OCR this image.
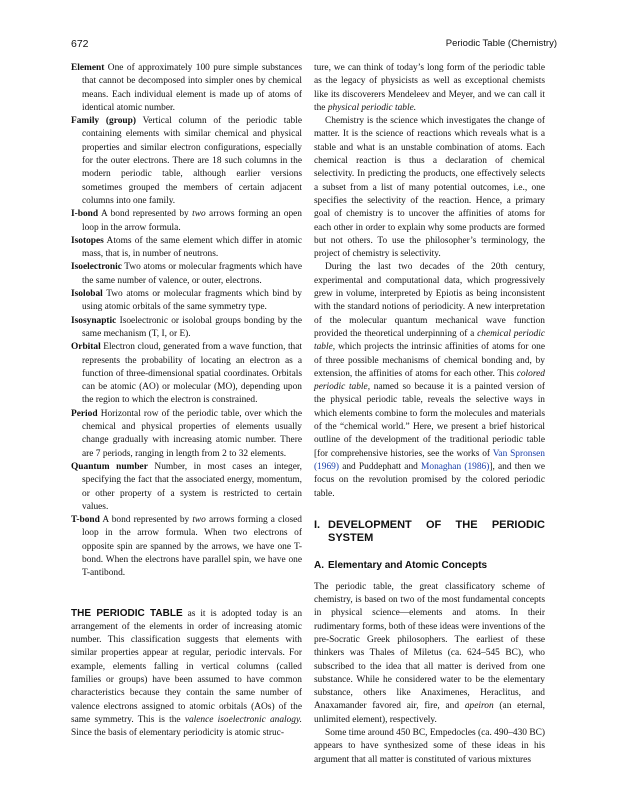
672	Periodic Table (Chemistry)

Element One of approximately 100 pure simple substances that cannot be decomposed into simpler ones by chemical means. Each individual element is made up of atoms of identical atomic number.

Family (group) Vertical column of the periodic table containing elements with similar chemical and physical properties and similar electron configurations, especially for the outer electrons. There are 18 such columns in the modern periodic table, although earlier versions sometimes grouped the members of certain adjacent columns into one family.

I-bond A bond represented by two arrows forming an open loop in the arrow formula.

Isotopes Atoms of the same element which differ in atomic mass, that is, in number of neutrons.

Isoelectronic Two atoms or molecular fragments which have the same number of valence, or outer, electrons.

Isolobal Two atoms or molecular fragments which bind by using atomic orbitals of the same symmetry type.

Isosynaptic Isoelectronic or isolobal groups bonding by the same mechanism (T, I, or E).

Orbital Electron cloud, generated from a wave function, that represents the probability of locating an electron as a function of three-dimensional spatial coordinates. Orbitals can be atomic (AO) or molecular (MO), depending upon the region to which the electron is constrained.

Period Horizontal row of the periodic table, over which the chemical and physical properties of elements usually change gradually with increasing atomic number. There are 7 periods, ranging in length from 2 to 32 elements.

Quantum number Number, in most cases an integer, specifying the fact that the associated energy, momentum, or other property of a system is restricted to certain values.

T-bond A bond represented by two arrows forming a closed loop in the arrow formula. When two electrons of opposite spin are spanned by the arrows, we have one T-bond. When the electrons have parallel spin, we have one T-antibond.

THE PERIODIC TABLE as it is adopted today is an arrangement of the elements in order of increasing atomic number. This classification suggests that elements with similar properties appear at regular, periodic intervals. For example, elements falling in vertical columns (called families or groups) have been assumed to have common characteristics because they contain the same number of valence electrons assigned to atomic orbitals (AOs) of the same symmetry. This is the valence isoelectronic analogy. Since the basis of elementary periodicity is atomic struc-

ture, we can think of today’s long form of the periodic table as the legacy of physicists as well as exceptional chemists like its discoverers Mendeleev and Meyer, and we can call it the physical periodic table.

Chemistry is the science which investigates the change of matter. It is the science of reactions which reveals what is a stable and what is an unstable combination of atoms. Each chemical reaction is thus a declaration of chemical selectivity. In predicting the products, one effectively selects a subset from a list of many potential outcomes, i.e., one specifies the selectivity of the reaction. Hence, a primary goal of chemistry is to uncover the affinities of atoms for each other in order to explain why some products are formed but not others. To use the philosopher’s terminology, the project of chemistry is selectivity.

During the last two decades of the 20th century, experimental and computational data, which progressively grew in volume, interpreted by Epiotis as being inconsistent with the standard notions of periodicity. A new interpretation of the molecular quantum mechanical wave function provided the theoretical underpinning of a chemical periodic table, which projects the intrinsic affinities of atoms for one of three possible mechanisms of chemical bonding and, by extension, the affinities of atoms for each other. This colored periodic table, named so because it is a painted version of the physical periodic table, reveals the selective ways in which elements combine to form the molecules and materials of the “chemical world.” Here, we present a brief historical outline of the development of the traditional periodic table [for comprehensive histories, see the works of Van Spronsen (1969) and Puddephatt and Monaghan (1986)], and then we focus on the revolution promised by the colored periodic table.

I. DEVELOPMENT OF THE PERIODIC SYSTEM
A. Elementary and Atomic Concepts

The periodic table, the great classificatory scheme of chemistry, is based on two of the most fundamental concepts in physical science—elements and atoms. In their rudimentary forms, both of these ideas were inventions of the pre-Socratic Greek philosophers. The earliest of these thinkers was Thales of Miletus (ca. 624–545 BC), who subscribed to the idea that all matter is derived from one substance. While he considered water to be the elementary substance, others like Anaximenes, Heraclitus, and Anaxamander favored air, fire, and apeiron (an eternal, unlimited element), respectively.

Some time around 450 BC, Empedocles (ca. 490–430 BC) appears to have synthesized some of these ideas in his argument that all matter is constituted of various mixtures
